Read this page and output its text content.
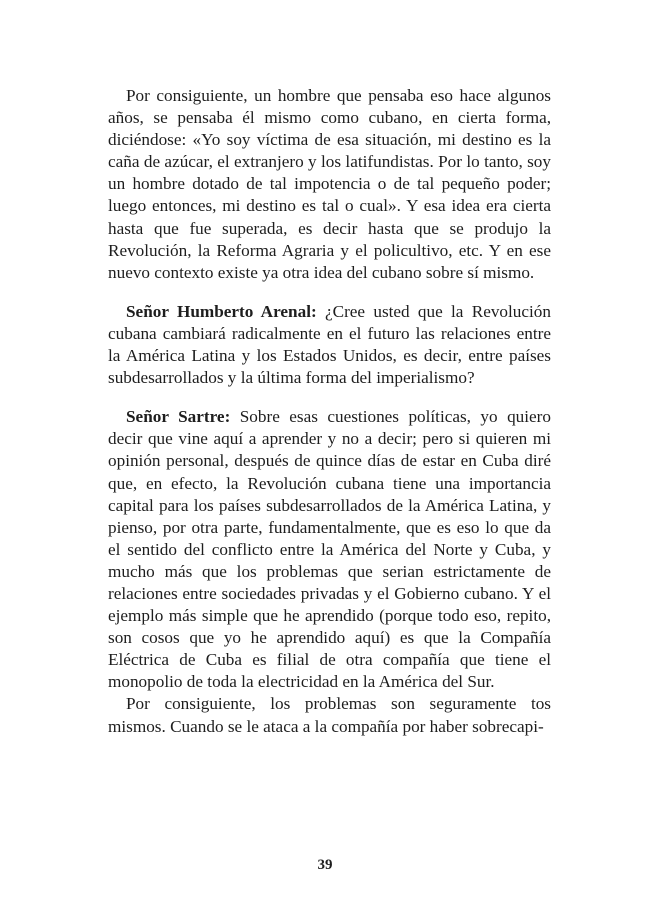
Por consiguiente, un hombre que pensaba eso hace algunos años, se pensaba él mismo como cubano, en cierta forma, diciéndose: «Yo soy víctima de esa situación, mi destino es la caña de azúcar, el extranjero y los latifundistas. Por lo tanto, soy un hombre dotado de tal impotencia o de tal pequeño poder; luego entonces, mi destino es tal o cual». Y esa idea era cierta hasta que fue superada, es decir hasta que se produjo la Revolución, la Reforma Agraria y el policultivo, etc. Y en ese nuevo contexto existe ya otra idea del cubano sobre sí mismo.

Señor Humberto Arenal: ¿Cree usted que la Revolución cubana cambiará radicalmente en el futuro las relaciones entre la América Latina y los Estados Unidos, es decir, entre países subdesarrollados y la última forma del imperialismo?

Señor Sartre: Sobre esas cuestiones políticas, yo quiero decir que vine aquí a aprender y no a decir; pero si quieren mi opinión personal, después de quince días de estar en Cuba diré que, en efecto, la Revolución cubana tiene una importancia capital para los países subdesarrollados de la América Latina, y pienso, por otra parte, fundamentalmente, que es eso lo que da el sentido del conflicto entre la América del Norte y Cuba, y mucho más que los problemas que serian estrictamente de relaciones entre sociedades privadas y el Gobierno cubano. Y el ejemplo más simple que he aprendido (porque todo eso, repito, son cosos que yo he aprendido aquí) es que la Compañía Eléctrica de Cuba es filial de otra compañía que tiene el monopolio de toda la electricidad en la América del Sur.

Por consiguiente, los problemas son seguramente tos mismos. Cuando se le ataca a la compañía por haber sobrecapi-

39
